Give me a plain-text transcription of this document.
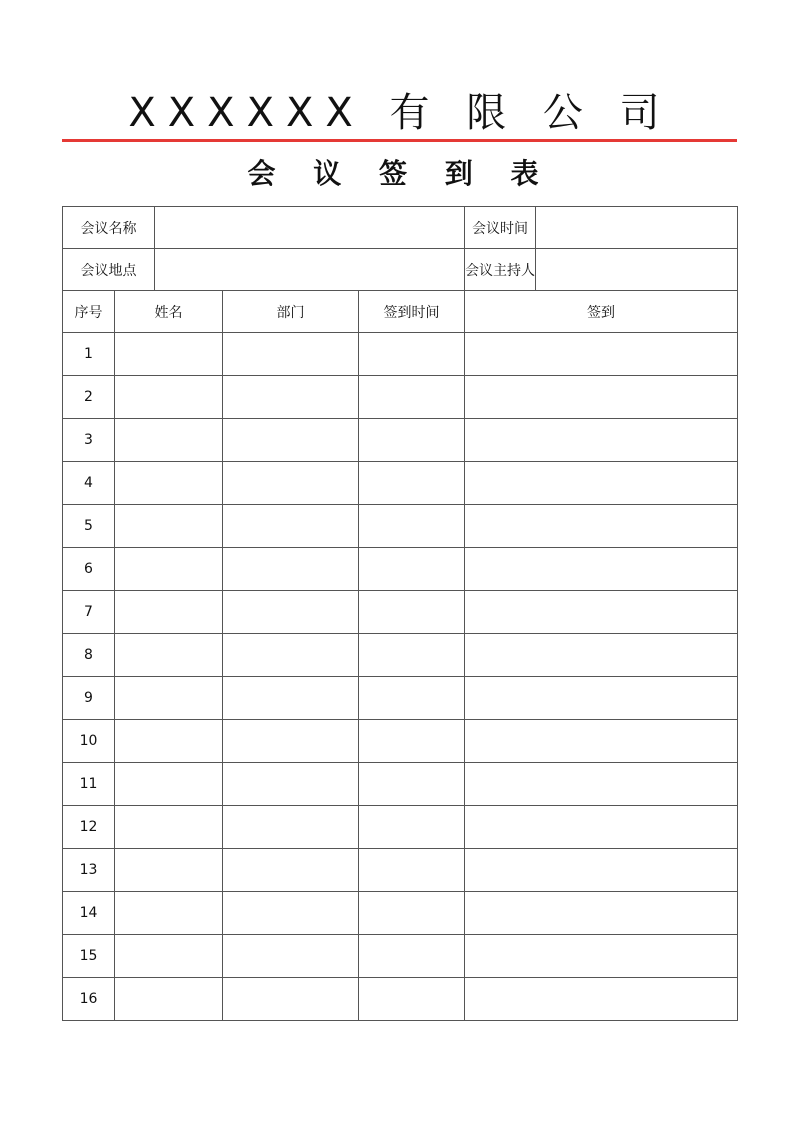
XXXXXX 有 限 公 司
会 议 签 到 表
会议名称					会议时间	
会议地点					会议主持人	
序号	姓名		部门	签到时间	签到	
1						
2						
3						
4						
5						
6						
7						
8						
9						
10						
11						
12						
13						
14						
15						
16						
